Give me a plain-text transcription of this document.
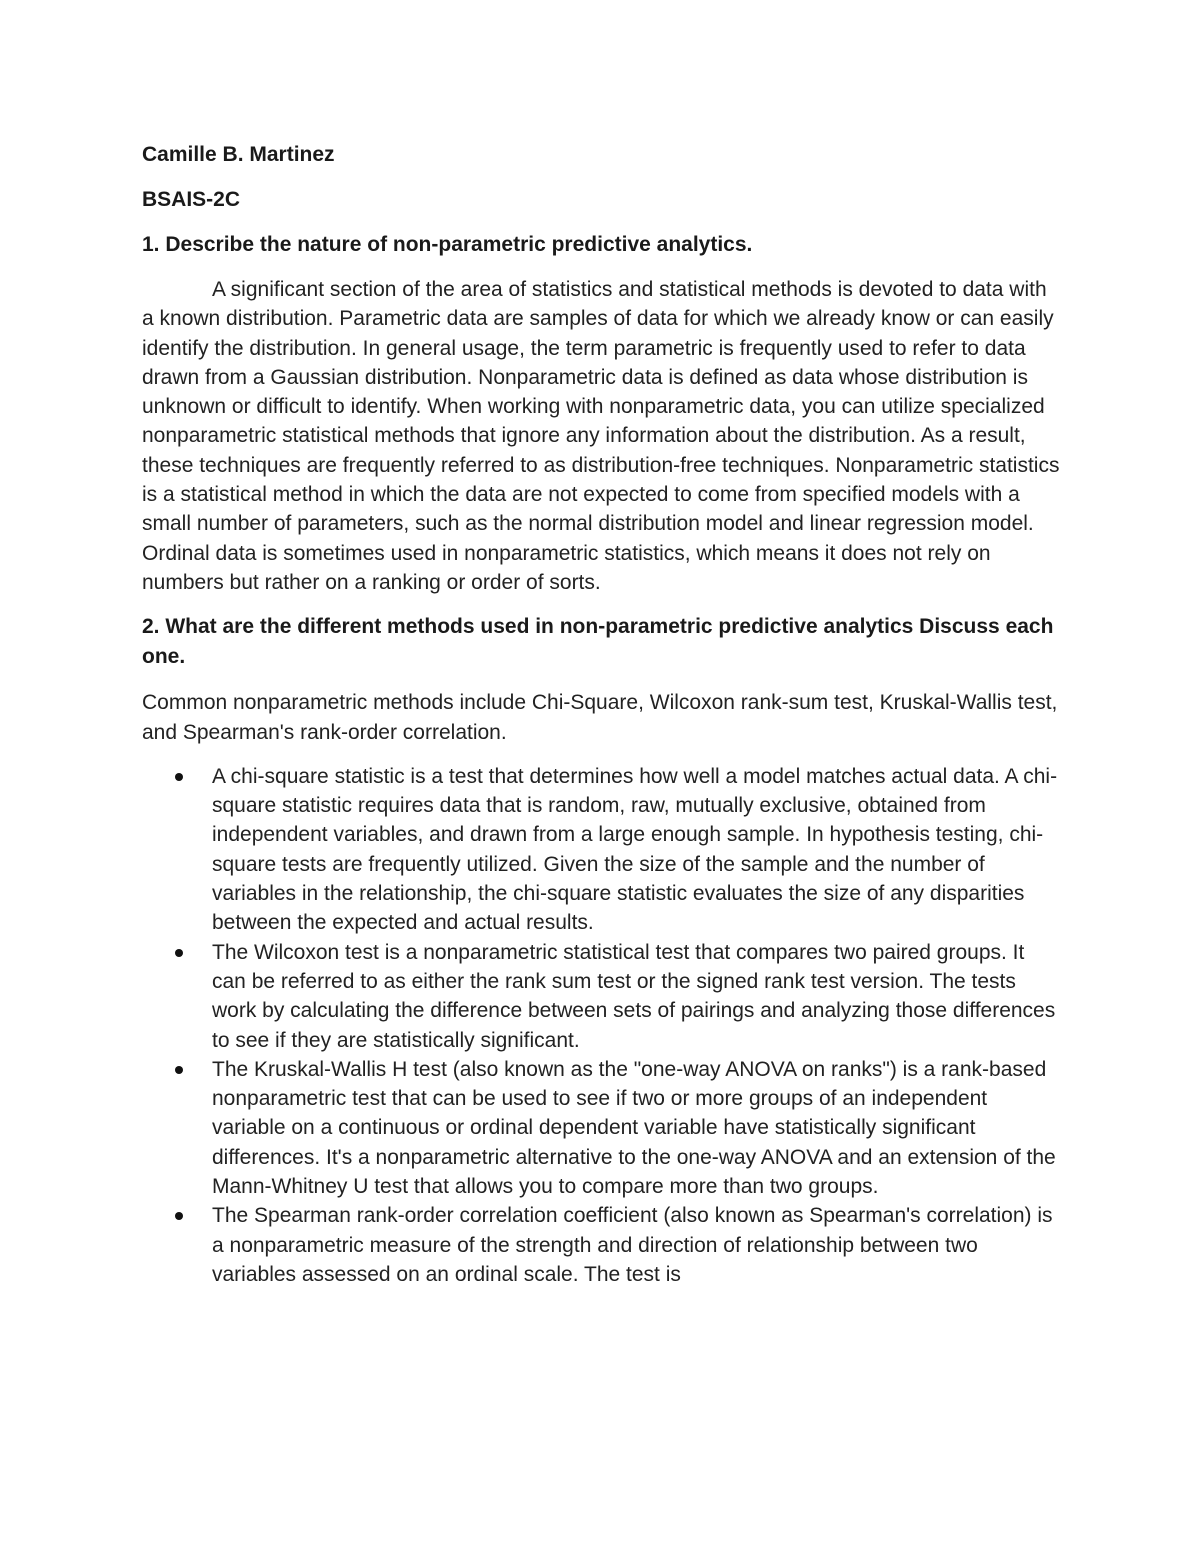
Camille B. Martinez

BSAIS-2C

1. Describe the nature of non-parametric predictive analytics.

A significant section of the area of statistics and statistical methods is devoted to data with a known distribution. Parametric data are samples of data for which we already know or can easily identify the distribution. In general usage, the term parametric is frequently used to refer to data drawn from a Gaussian distribution. Nonparametric data is defined as data whose distribution is unknown or difficult to identify. When working with nonparametric data, you can utilize specialized nonparametric statistical methods that ignore any information about the distribution. As a result, these techniques are frequently referred to as distribution-free techniques. Nonparametric statistics is a statistical method in which the data are not expected to come from specified models with a small number of parameters, such as the normal distribution model and linear regression model. Ordinal data is sometimes used in nonparametric statistics, which means it does not rely on numbers but rather on a ranking or order of sorts.

2. What are the different methods used in non-parametric predictive analytics Discuss each one.

Common nonparametric methods include Chi-Square, Wilcoxon rank-sum test, Kruskal-Wallis test, and Spearman's rank-order correlation.

A chi-square statistic is a test that determines how well a model matches actual data. A chi-square statistic requires data that is random, raw, mutually exclusive, obtained from independent variables, and drawn from a large enough sample. In hypothesis testing, chi-square tests are frequently utilized. Given the size of the sample and the number of variables in the relationship, the chi-square statistic evaluates the size of any disparities between the expected and actual results.
The Wilcoxon test is a nonparametric statistical test that compares two paired groups. It can be referred to as either the rank sum test or the signed rank test version. The tests work by calculating the difference between sets of pairings and analyzing those differences to see if they are statistically significant.
The Kruskal-Wallis H test (also known as the "one-way ANOVA on ranks") is a rank-based nonparametric test that can be used to see if two or more groups of an independent variable on a continuous or ordinal dependent variable have statistically significant differences. It's a nonparametric alternative to the one-way ANOVA and an extension of the Mann-Whitney U test that allows you to compare more than two groups.
The Spearman rank-order correlation coefficient (also known as Spearman's correlation) is a nonparametric measure of the strength and direction of relationship between two variables assessed on an ordinal scale. The test is
